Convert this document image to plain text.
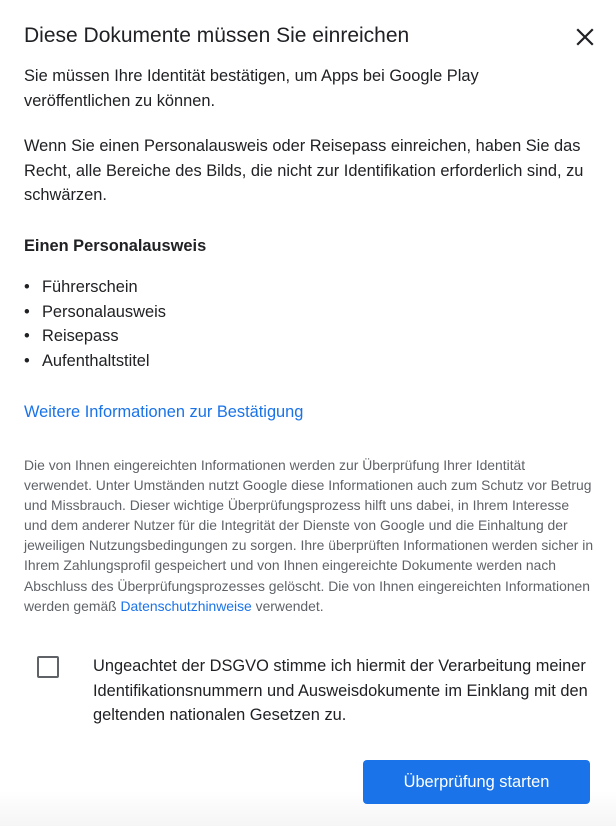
Diese Dokumente müssen Sie einreichen

Sie müssen Ihre Identität bestätigen, um Apps bei Google Play veröffentlichen zu können.

Wenn Sie einen Personalausweis oder Reisepass einreichen, haben Sie das Recht, alle Bereiche des Bilds, die nicht zur Identifikation erforderlich sind, zu schwärzen.

Einen Personalausweis
• Führerschein
• Personalausweis
• Reisepass
• Aufenthaltstitel
Weitere Informationen zur Bestätigung

Die von Ihnen eingereichten Informationen werden zur Überprüfung Ihrer Identität verwendet. Unter Umständen nutzt Google diese Informationen auch zum Schutz vor Betrug und Missbrauch. Dieser wichtige Überprüfungsprozess hilft uns dabei, in Ihrem Interesse und dem anderer Nutzer für die Integrität der Dienste von Google und die Einhaltung der jeweiligen Nutzungsbedingungen zu sorgen. Ihre überprüften Informationen werden sicher in Ihrem Zahlungsprofil gespeichert und von Ihnen eingereichte Dokumente werden nach Abschluss des Überprüfungsprozesses gelöscht. Die von Ihnen eingereichten Informationen werden gemäß Datenschutzhinweise verwendet.

Ungeachtet der DSGVO stimme ich hiermit der Verarbeitung meiner Identifikationsnummern und Ausweisdokumente im Einklang mit den geltenden nationalen Gesetzen zu.

Überprüfung starten
